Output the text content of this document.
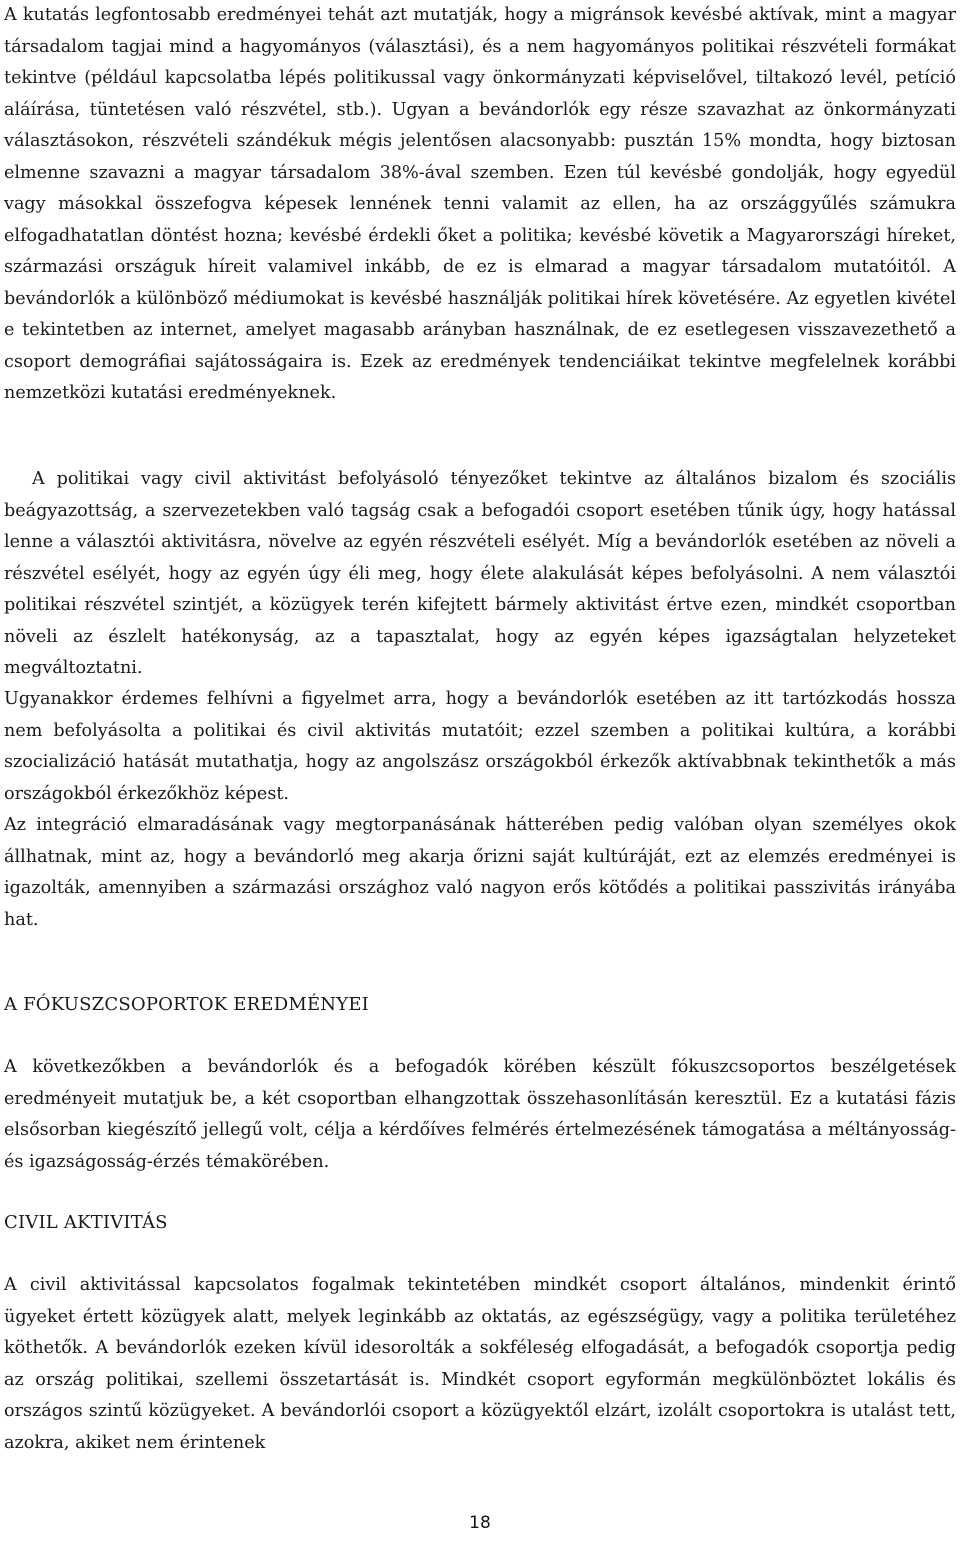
A kutatás legfontosabb eredményei tehát azt mutatják, hogy a migránsok kevésbé aktívak, mint a magyar társadalom tagjai mind a hagyományos (választási), és a nem hagyományos politikai részvételi formákat tekintve (például kapcsolatba lépés politikussal vagy önkormányzati képviselővel, tiltakozó levél, petíció aláírása, tüntetésen való részvétel, stb.). Ugyan a bevándorlók egy része szavazhat az önkormányzati választásokon, részvételi szándékuk mégis jelentősen alacsonyabb: pusztán 15% mondta, hogy biztosan elmenne szavazni a magyar társadalom 38%-ával szemben. Ezen túl kevésbé gondolják, hogy egyedül vagy másokkal összefogva képesek lennének tenni valamit az ellen, ha az országgyűlés számukra elfogadhatatlan döntést hozna; kevésbé érdekli őket a politika; kevésbé követik a Magyarországi híreket, származási országuk híreit valamivel inkább, de ez is elmarad a magyar társadalom mutatóitól. A bevándorlók a különböző médiumokat is kevésbé használják politikai hírek követésére. Az egyetlen kivétel e tekintetben az internet, amelyet magasabb arányban használnak, de ez esetlegesen visszavezethető a csoport demográfiai sajátosságaira is. Ezek az eredmények tendenciáikat tekintve megfelelnek korábbi nemzetközi kutatási eredményeknek.

A politikai vagy civil aktivitást befolyásoló tényezőket tekintve az általános bizalom és szociális beágyazottság, a szervezetekben való tagság csak a befogadói csoport esetében tűnik úgy, hogy hatással lenne a választói aktivitásra, növelve az egyén részvételi esélyét. Míg a bevándorlók esetében az növeli a részvétel esélyét, hogy az egyén úgy éli meg, hogy élete alakulását képes befolyásolni. A nem választói politikai részvétel szintjét, a közügyek terén kifejtett bármely aktivitást értve ezen, mindkét csoportban növeli az észlelt hatékonyság, az a tapasztalat, hogy az egyén képes igazságtalan helyzeteket megváltoztatni.

Ugyanakkor érdemes felhívni a figyelmet arra, hogy a bevándorlók esetében az itt tartózkodás hossza nem befolyásolta a politikai és civil aktivitás mutatóit; ezzel szemben a politikai kultúra, a korábbi szocializáció hatását mutathatja, hogy az angolszász országokból érkezők aktívabbnak tekinthetők a más országokból érkezőkhöz képest.

Az integráció elmaradásának vagy megtorpanásának hátterében pedig valóban olyan személyes okok állhatnak, mint az, hogy a bevándorló meg akarja őrizni saját kultúráját, ezt az elemzés eredményei is igazolták, amennyiben a származási országhoz való nagyon erős kötődés a politikai passzivitás irányába hat.

A FÓKUSZCSOPORTOK EREDMÉNYEI

A következőkben a bevándorlók és a befogadók körében készült fókuszcsoportos beszélgetések eredményeit mutatjuk be, a két csoportban elhangzottak összehasonlításán keresztül. Ez a kutatási fázis elsősorban kiegészítő jellegű volt, célja a kérdőíves felmérés értelmezésének támogatása a méltányosság- és igazságosság-érzés témakörében.

CIVIL AKTIVITÁS

A civil aktivitással kapcsolatos fogalmak tekintetében mindkét csoport általános, mindenkit érintő ügyeket értett közügyek alatt, melyek leginkább az oktatás, az egészségügy, vagy a politika területéhez köthetők. A bevándorlók ezeken kívül idesorolták a sokféleség elfogadását, a befogadók csoportja pedig az ország politikai, szellemi összetartását is. Mindkét csoport egyformán megkülönböztet lokális és országos szintű közügyeket. A bevándorlói csoport a közügyektől elzárt, izolált csoportokra is utalást tett, azokra, akiket nem érintenek

18
